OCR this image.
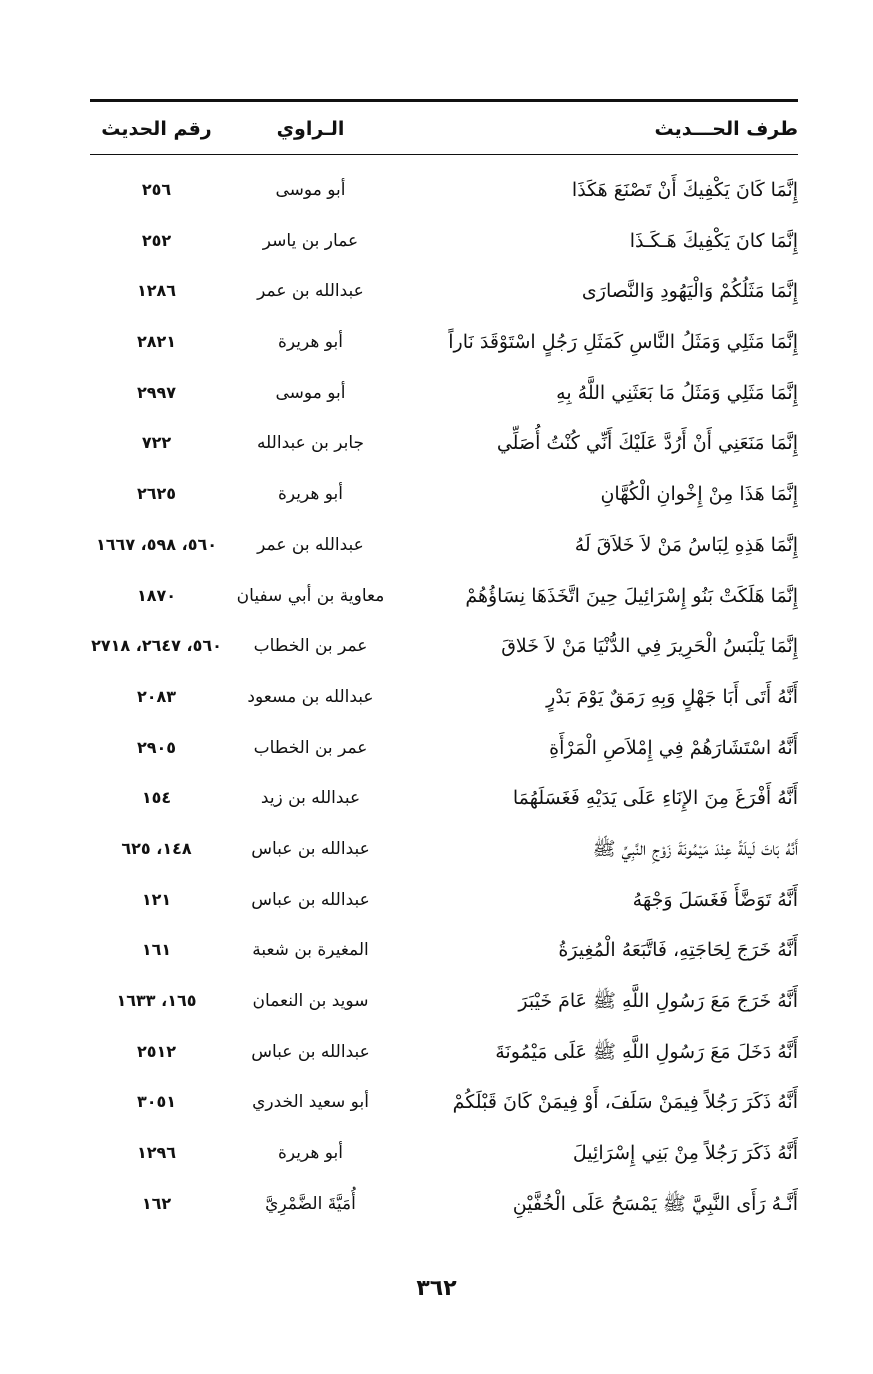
طرف الحـــديث
الـراوي
رقم الحديث
إِنَّمَا كَانَ يَكْفِيكَ أَنْ تَصْنَعَ هَكَذَا
أبو موسى
٢٥٦
إِنَّمَا كانَ يَكْفِيكَ هَـكَـذَا
عمار بن ياسر
٢٥٢
إِنَّمَا مَثَلُكُمْ وَالْيَهُودِ وَالنَّصارَى
عبدالله بن عمر
١٢٨٦
إِنَّمَا مَثَلِي وَمَثَلُ النَّاسِ كَمَثَلِ رَجُلٍ اسْتَوْقَدَ نَاراً
أبو هريرة
٢٨٢١
إِنَّمَا مَثَلِي وَمَثَلُ مَا بَعَثَنِي اللَّهُ بِهِ
أبو موسى
٢٩٩٧
إِنَّمَا مَنَعَنِي أَنْ أَرُدَّ عَلَيْكَ أَنِّي كُنْتُ أُصَلِّي
جابر بن عبدالله
٧٢٢
إِنَّمَا هَذَا مِنْ إِخْوانِ الْكُهَّانِ
أبو هريرة
٢٦٢٥
إِنَّمَا هَذِهِ لِبَاسُ مَنْ لاَ خَلاَقَ لَهُ
عبدالله بن عمر
٥٦٠، ٥٩٨، ١٦٦٧
إِنَّمَا هَلَكَتْ بَنُو إِسْرَائِيلَ حِينَ اتَّخَذَهَا نِسَاؤُهُمْ
معاوية بن أبي سفيان
١٨٧٠
إِنَّمَا يَلْبَسُ الْحَرِيرَ فِي الدُّنْيَا مَنْ لاَ خَلاقَ
عمر بن الخطاب
٥٦٠، ٢٦٤٧، ٢٧١٨
أَنَّهُ أَتَى أَبَا جَهْلٍ وَبِهِ رَمَقٌ يَوْمَ بَدْرٍ
عبدالله بن مسعود
٢٠٨٣
أَنَّهُ اسْتَشَارَهُمْ فِي إِمْلاَصِ الْمَرْأَةِ
عمر بن الخطاب
٢٩٠٥
أَنَّهُ أَفْرَغَ مِنَ الإِنَاءِ عَلَى يَدَيْهِ فَغَسَلَهُمَا
عبدالله بن زيد
١٥٤
أَنَّهُ بَاتَ لَيلَةً عِنْدَ مَيْمُونَةَ زَوْجِ النَّبِيِّ ﷺ
عبدالله بن عباس
١٤٨، ٦٢٥
أَنَّهُ تَوَضَّأَ فَغَسَلَ وَجْهَهُ
عبدالله بن عباس
١٢١
أَنَّهُ خَرَجَ لِحَاجَتِهِ، فَاتَّبَعَهُ الْمُغِيرَةُ
المغيرة بن شعبة
١٦١
أَنَّهُ خَرَجَ مَعَ رَسُولِ اللَّهِ ﷺ عَامَ خَيْبَرَ
سويد بن النعمان
١٦٥، ١٦٣٣
أَنَّهُ دَخَلَ مَعَ رَسُولِ اللَّهِ ﷺ عَلَى مَيْمُونَةَ
عبدالله بن عباس
٢٥١٢
أَنَّهُ ذَكَرَ رَجُلاً فِيمَنْ سَلَفَ، أَوْ فِيمَنْ كَانَ قَبْلَكُمْ
أبو سعيد الخدري
٣٠٥١
أَنَّهُ ذَكَرَ رَجُلاً مِنْ بَنِي إِسْرَائِيلَ
أبو هريرة
١٢٩٦
أَنَّـهُ رَأَى النَّبِيَّ ﷺ يَمْسَحُ عَلَى الْخُفَّيْنِ
أُمَيَّةَ الضَّمْرِيَّ
١٦٢
٣٦٢
